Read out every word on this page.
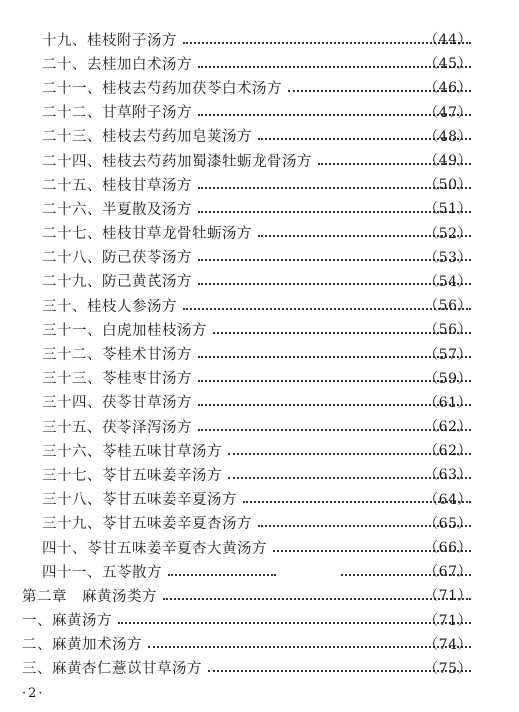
十九、桂枝附子汤方	（44）
二十、去桂加白术汤方	（45）
二十一、桂枝去芍药加茯苓白术汤方	（46）
二十二、甘草附子汤方	（47）
二十三、桂枝去芍药加皂荚汤方	（48）
二十四、桂枝去芍药加蜀漆牡蛎龙骨汤方	（49）
二十五、桂枝甘草汤方	（50）
二十六、半夏散及汤方	（51）
二十七、桂枝甘草龙骨牡蛎汤方	（52）
二十八、防己茯苓汤方	（53）
二十九、防己黄芪汤方	（54）
三十、桂枝人参汤方	（56）
三十一、白虎加桂枝汤方	（56）
三十二、苓桂术甘汤方	（57）
三十三、苓桂枣甘汤方	（59）
三十四、茯苓甘草汤方	（61）
三十五、茯苓泽泻汤方	（62）
三十六、苓桂五味甘草汤方	（62）
三十七、苓甘五味姜辛汤方	（63）
三十八、苓甘五味姜辛夏汤方	（64）
三十九、苓甘五味姜辛夏杏汤方	（65）
四十、苓甘五味姜辛夏杏大黄汤方	（66）
四十一、五苓散方	（67）
第二章　麻黄汤类方	（71）
一、麻黄汤方	（71）
二、麻黄加术汤方	（74）
三、麻黄杏仁薏苡甘草汤方	（75）
·2·
